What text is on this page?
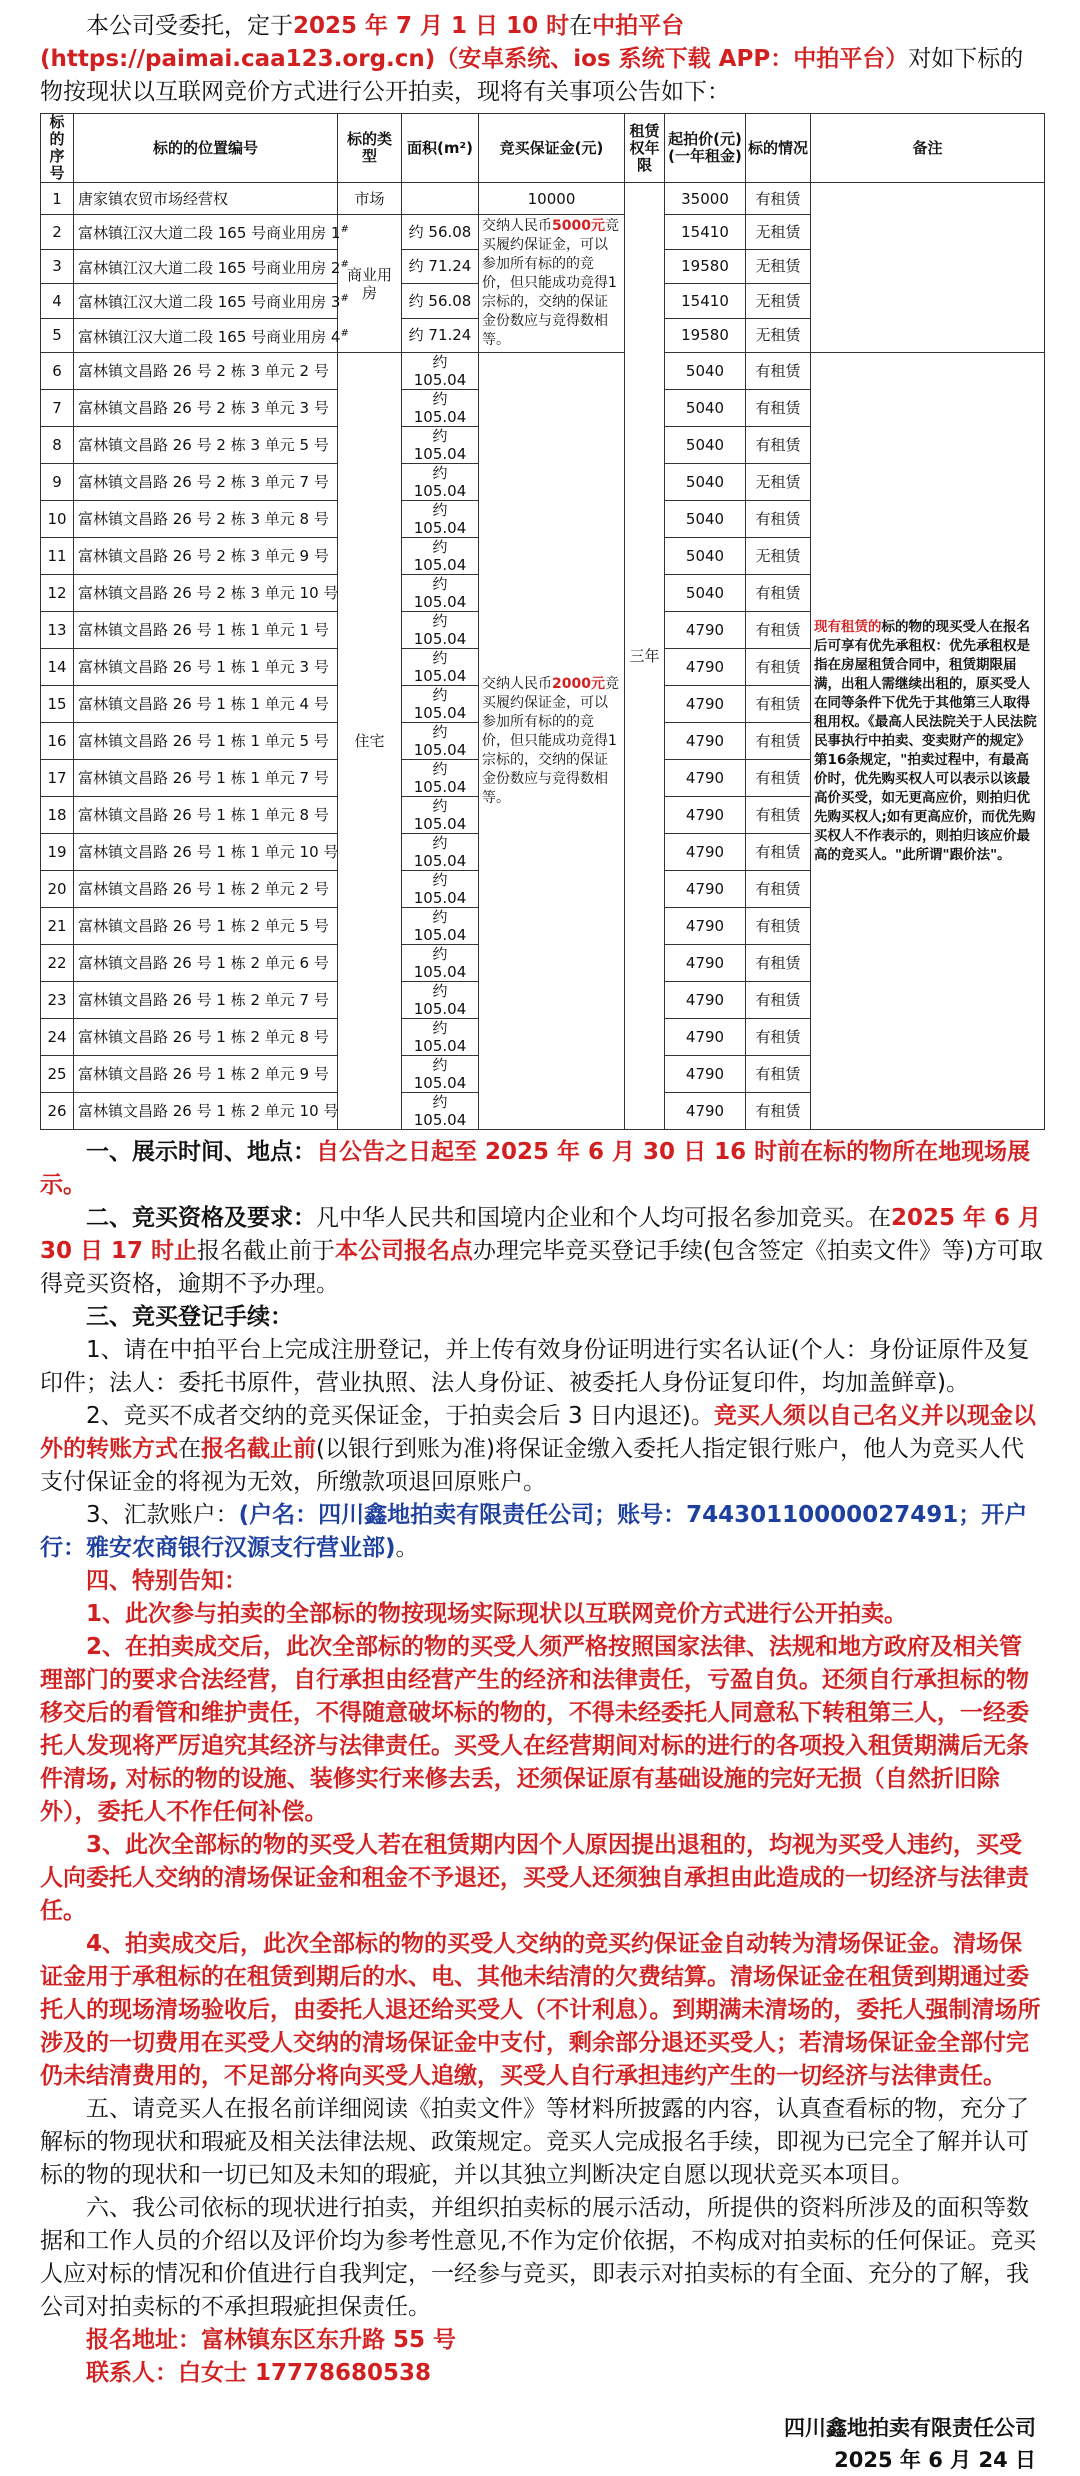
本公司受委托，定于2025 年 7 月 1 日 10 时在中拍平台(https://paimai.caa123.org.cn)（安卓系统、ios 系统下载 APP：中拍平台）对如下标的物按现状以互联网竞价方式进行公开拍卖，现将有关事项公告如下：

标的序号	标的的位置编号	标的类型	面积(m²)	竞买保证金(元)	租赁权年限	起拍价(元)(一年租金)	标的情况	备注
1	唐家镇农贸市场经营权	市场		10000	三年	35000	有租赁	
2	富林镇江汉大道二段 165 号商业用房 1#	商业用房	约 56.08	交纳人民币5000元竞买履约保证金，可以参加所有标的的竞价，但只能成功竞得1宗标的，交纳的保证金份数应与竞得数相等。		15410	无租赁	
3	富林镇江汉大道二段 165 号商业用房 2#		约 71.24			19580	无租赁	
4	富林镇江汉大道二段 165 号商业用房 3#		约 56.08			15410	无租赁	
5	富林镇江汉大道二段 165 号商业用房 4#		约 71.24			19580	无租赁	
6	富林镇文昌路 26 号 2 栋 3 单元 2 号	住宅	约 105.04	交纳人民币2000元竞买履约保证金，可以参加所有标的的竞价，但只能成功竞得1宗标的，交纳的保证金份数应与竞得数相等。		5040	有租赁	现有租赁的标的物的现买受人在报名后可享有优先承租权：优先承租权是指在房屋租赁合同中，租赁期限届满，出租人需继续出租的，原买受人在同等条件下优先于其他第三人取得租用权。《最高人民法院关于人民法院民事执行中拍卖、变卖财产的规定》第16条规定，"拍卖过程中，有最高价时，优先购买权人可以表示以该最高价买受，如无更高应价，则拍归优先购买权人;如有更高应价，而优先购买权人不作表示的，则拍归该应价最高的竞买人。"此所谓"跟价法"。
7	富林镇文昌路 26 号 2 栋 3 单元 3 号		约 105.04			5040	有租赁	
8	富林镇文昌路 26 号 2 栋 3 单元 5 号		约 105.04			5040	有租赁	
9	富林镇文昌路 26 号 2 栋 3 单元 7 号		约 105.04			5040	无租赁	
10	富林镇文昌路 26 号 2 栋 3 单元 8 号		约 105.04			5040	有租赁	
11	富林镇文昌路 26 号 2 栋 3 单元 9 号		约 105.04			5040	无租赁	
12	富林镇文昌路 26 号 2 栋 3 单元 10 号		约 105.04			5040	有租赁	
13	富林镇文昌路 26 号 1 栋 1 单元 1 号		约 105.04			4790	有租赁	
14	富林镇文昌路 26 号 1 栋 1 单元 3 号		约 105.04			4790	有租赁	
15	富林镇文昌路 26 号 1 栋 1 单元 4 号		约 105.04			4790	有租赁	
16	富林镇文昌路 26 号 1 栋 1 单元 5 号		约 105.04			4790	有租赁	
17	富林镇文昌路 26 号 1 栋 1 单元 7 号		约 105.04			4790	有租赁	
18	富林镇文昌路 26 号 1 栋 1 单元 8 号		约 105.04			4790	有租赁	
19	富林镇文昌路 26 号 1 栋 1 单元 10 号		约 105.04			4790	有租赁	
20	富林镇文昌路 26 号 1 栋 2 单元 2 号		约 105.04			4790	有租赁	
21	富林镇文昌路 26 号 1 栋 2 单元 5 号		约 105.04			4790	有租赁	
22	富林镇文昌路 26 号 1 栋 2 单元 6 号		约 105.04			4790	有租赁	
23	富林镇文昌路 26 号 1 栋 2 单元 7 号		约 105.04			4790	有租赁	
24	富林镇文昌路 26 号 1 栋 2 单元 8 号		约 105.04			4790	有租赁	
25	富林镇文昌路 26 号 1 栋 2 单元 9 号		约 105.04			4790	有租赁	
26	富林镇文昌路 26 号 1 栋 2 单元 10 号		约 105.04			4790	有租赁	

一、展示时间、地点：自公告之日起至 2025 年 6 月 30 日 16 时前在标的物所在地现场展示。

二、竞买资格及要求：凡中华人民共和国境内企业和个人均可报名参加竞买。在2025 年 6 月 30 日 17 时止报名截止前于本公司报名点办理完毕竞买登记手续(包含签定《拍卖文件》等)方可取得竞买资格，逾期不予办理。

三、竞买登记手续：

1、请在中拍平台上完成注册登记，并上传有效身份证明进行实名认证(个人：身份证原件及复印件；法人：委托书原件，营业执照、法人身份证、被委托人身份证复印件，均加盖鲜章)。

2、竞买不成者交纳的竞买保证金，于拍卖会后 3 日内退还)。竞买人须以自己名义并以现金以外的转账方式在报名截止前(以银行到账为准)将保证金缴入委托人指定银行账户，他人为竞买人代支付保证金的将视为无效，所缴款项退回原账户。

3、汇款账户：(户名：四川鑫地拍卖有限责任公司；账号：74430110000027491；开户行：雅安农商银行汉源支行营业部)。

四、特别告知：

1、此次参与拍卖的全部标的物按现场实际现状以互联网竞价方式进行公开拍卖。

2、在拍卖成交后，此次全部标的物的买受人须严格按照国家法律、法规和地方政府及相关管理部门的要求合法经营，自行承担由经营产生的经济和法律责任，亏盈自负。还须自行承担标的物移交后的看管和维护责任，不得随意破坏标的物的，不得未经委托人同意私下转租第三人，一经委托人发现将严厉追究其经济与法律责任。买受人在经营期间对标的进行的各项投入租赁期满后无条件清场, 对标的物的设施、装修实行来修去丢，还须保证原有基础设施的完好无损（自然折旧除外），委托人不作任何补偿。

3、此次全部标的物的买受人若在租赁期内因个人原因提出退租的，均视为买受人违约，买受人向委托人交纳的清场保证金和租金不予退还，买受人还须独自承担由此造成的一切经济与法律责任。

4、拍卖成交后，此次全部标的物的买受人交纳的竞买约保证金自动转为清场保证金。清场保证金用于承租标的在租赁到期后的水、电、其他未结清的欠费结算。清场保证金在租赁到期通过委托人的现场清场验收后，由委托人退还给买受人（不计利息）。到期满未清场的，委托人强制清场所涉及的一切费用在买受人交纳的清场保证金中支付，剩余部分退还买受人；若清场保证金全部付完仍未结清费用的，不足部分将向买受人追缴，买受人自行承担违约产生的一切经济与法律责任。

五、请竞买人在报名前详细阅读《拍卖文件》等材料所披露的内容，认真查看标的物，充分了解标的物现状和瑕疵及相关法律法规、政策规定。竞买人完成报名手续，即视为已完全了解并认可标的物的现状和一切已知及未知的瑕疵，并以其独立判断决定自愿以现状竞买本项目。

六、我公司依标的现状进行拍卖，并组织拍卖标的展示活动，所提供的资料所涉及的面积等数据和工作人员的介绍以及评价均为参考性意见,不作为定价依据，不构成对拍卖标的任何保证。竞买人应对标的情况和价值进行自我判定，一经参与竞买，即表示对拍卖标的有全面、充分的了解，我公司对拍卖标的不承担瑕疵担保责任。

报名地址：富林镇东区东升路 55 号

联系人：白女士 17778680538

四川鑫地拍卖有限责任公司
2025 年 6 月 24 日
